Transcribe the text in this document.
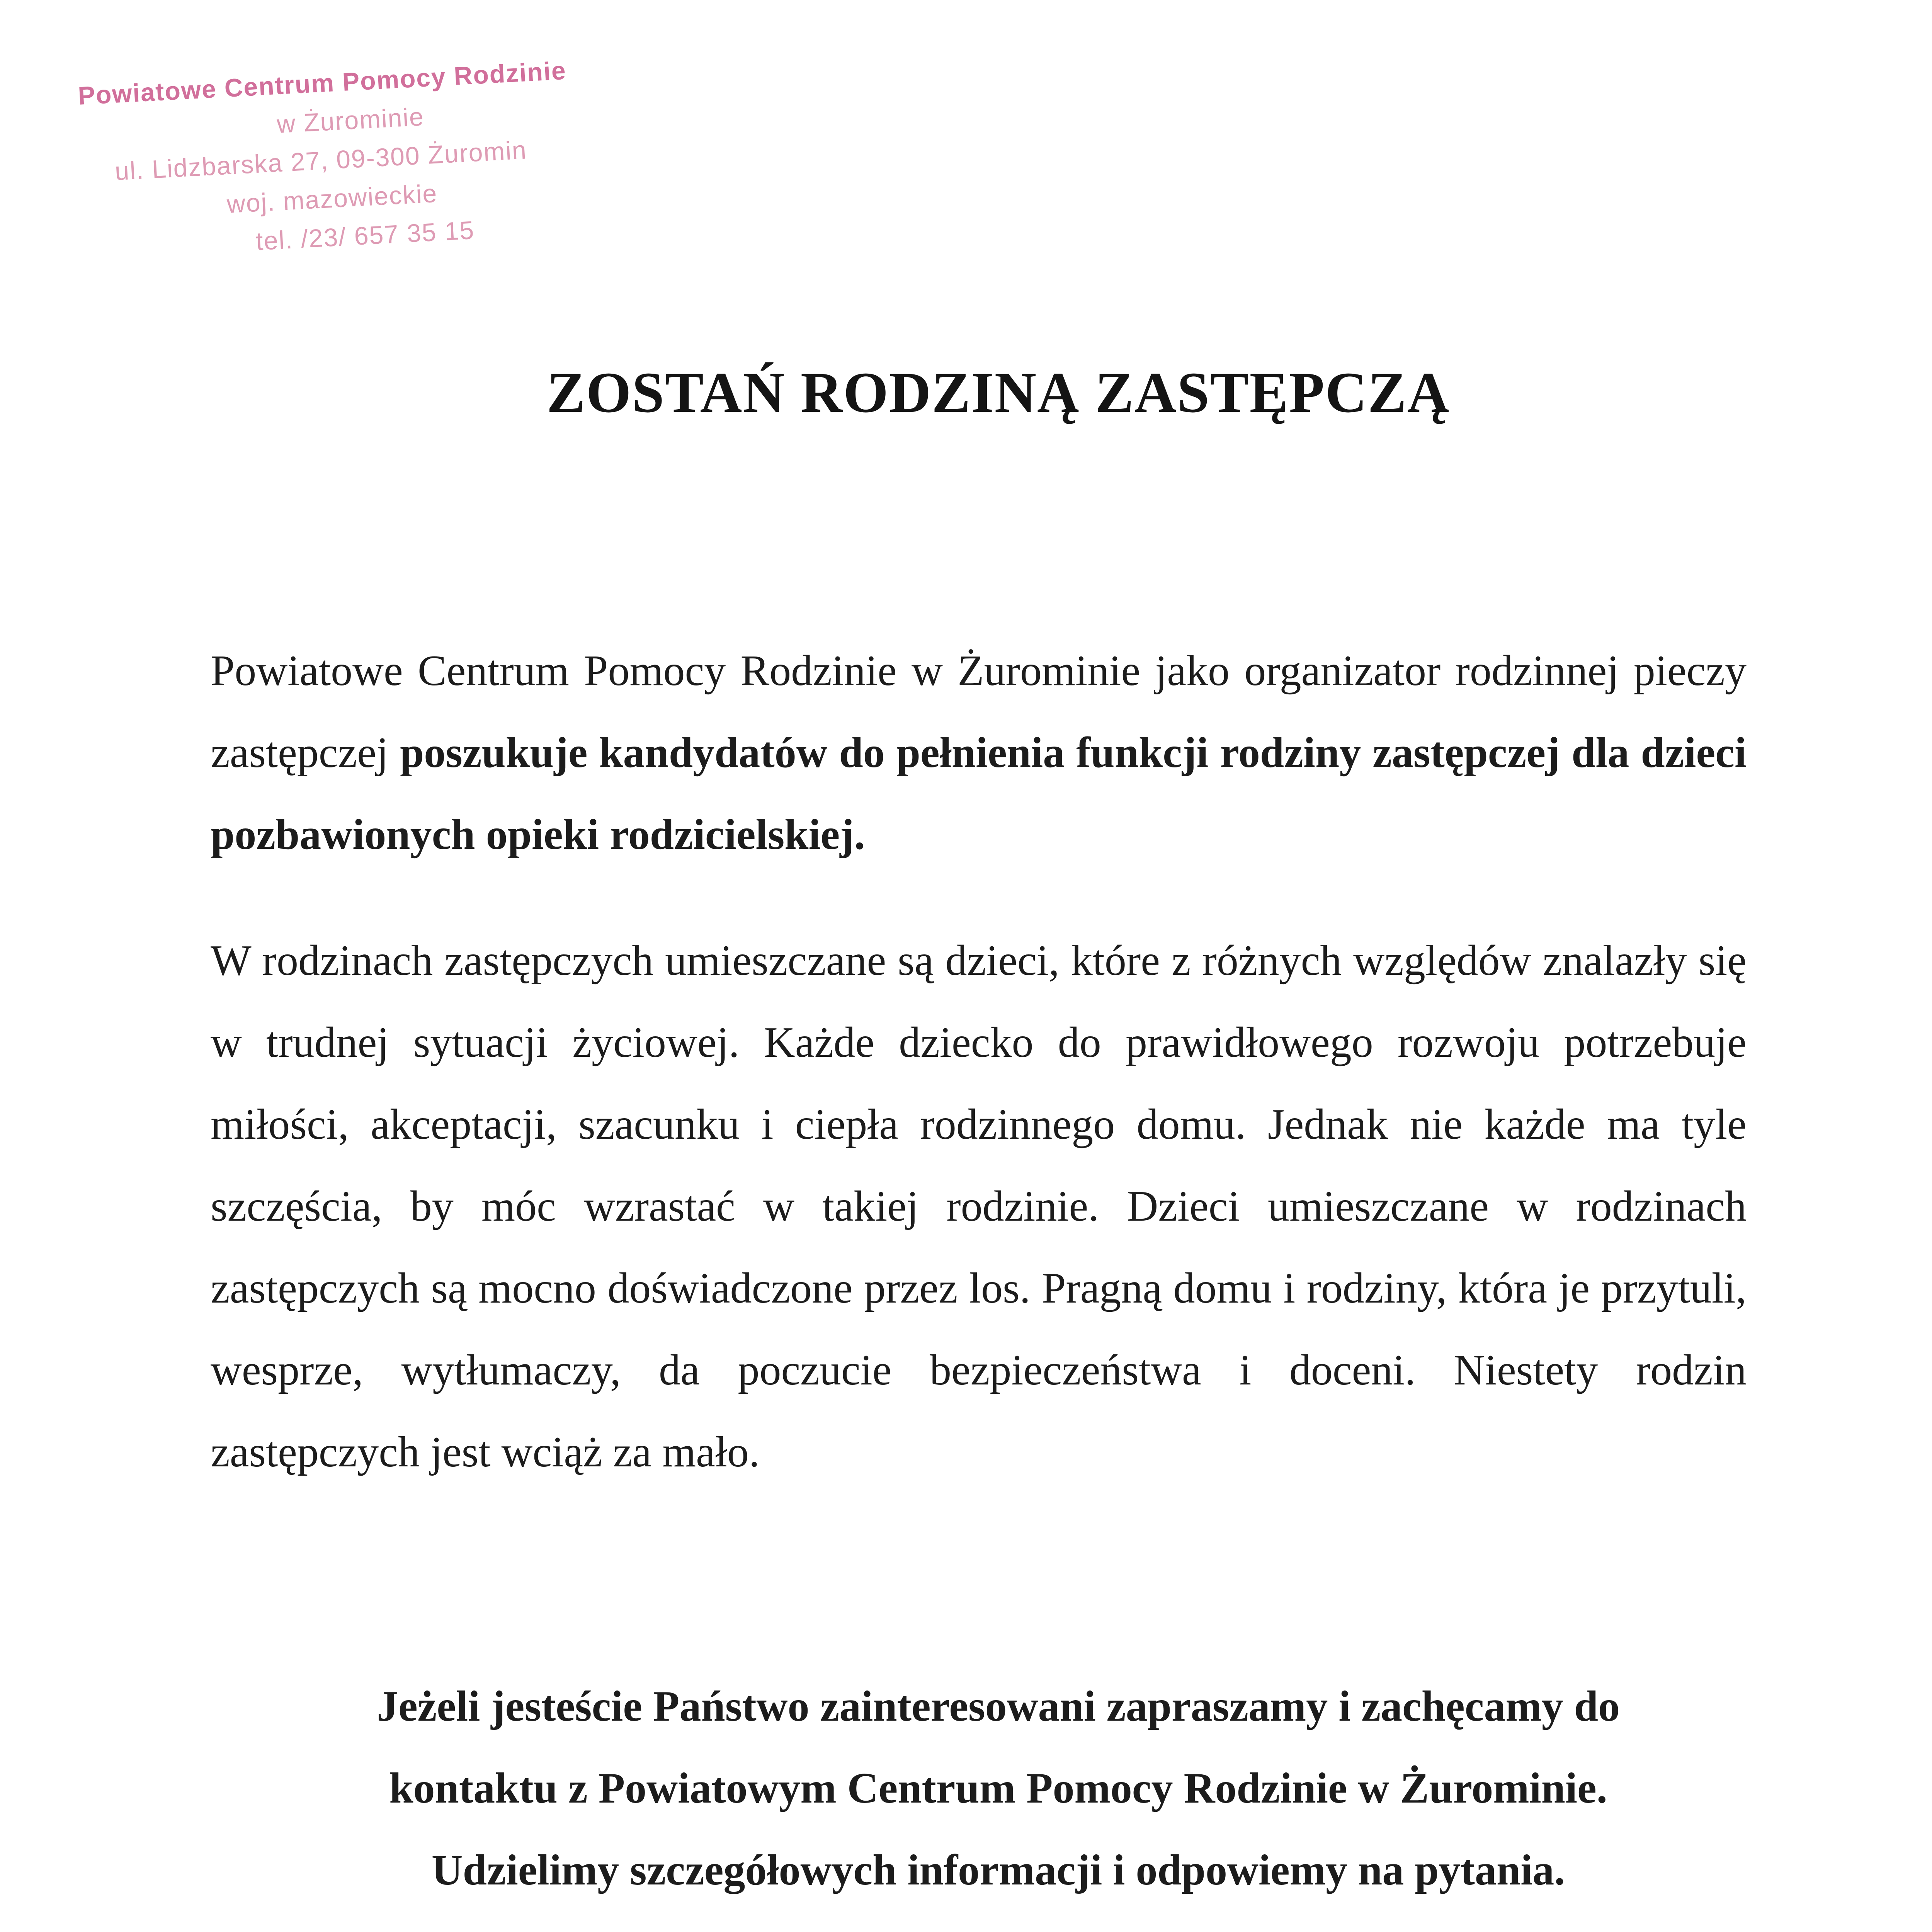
Powiatowe Centrum Pomocy Rodzinie
w Żurominie
ul. Lidzbarska 27, 09-300 Żuromin
woj. mazowieckie
tel. /23/ 657 35 15
ZOSTAŃ RODZINĄ ZASTĘPCZĄ

Powiatowe Centrum Pomocy Rodzinie w Żurominie jako organizator rodzinnej pieczy zastępczej poszukuje kandydatów do pełnienia funkcji rodziny zastępczej dla dzieci pozbawionych opieki rodzicielskiej.

W rodzinach zastępczych umieszczane są dzieci, które z różnych względów znalazły się w trudnej sytuacji życiowej. Każde dziecko do prawidłowego rozwoju potrzebuje miłości, akceptacji, szacunku i ciepła rodzinnego domu. Jednak nie każde ma tyle szczęścia, by móc wzrastać w takiej rodzinie. Dzieci umieszczane w rodzinach zastępczych są mocno doświadczone przez los. Pragną domu i rodziny, która je przytuli, wesprze, wytłumaczy, da poczucie bezpieczeństwa i doceni. Niestety rodzin zastępczych jest wciąż za mało.

Jeżeli jesteście Państwo zainteresowani zapraszamy i zachęcamy do
kontaktu z Powiatowym Centrum Pomocy Rodzinie w Żurominie.
Udzielimy szczegółowych informacji i odpowiemy na pytania.
